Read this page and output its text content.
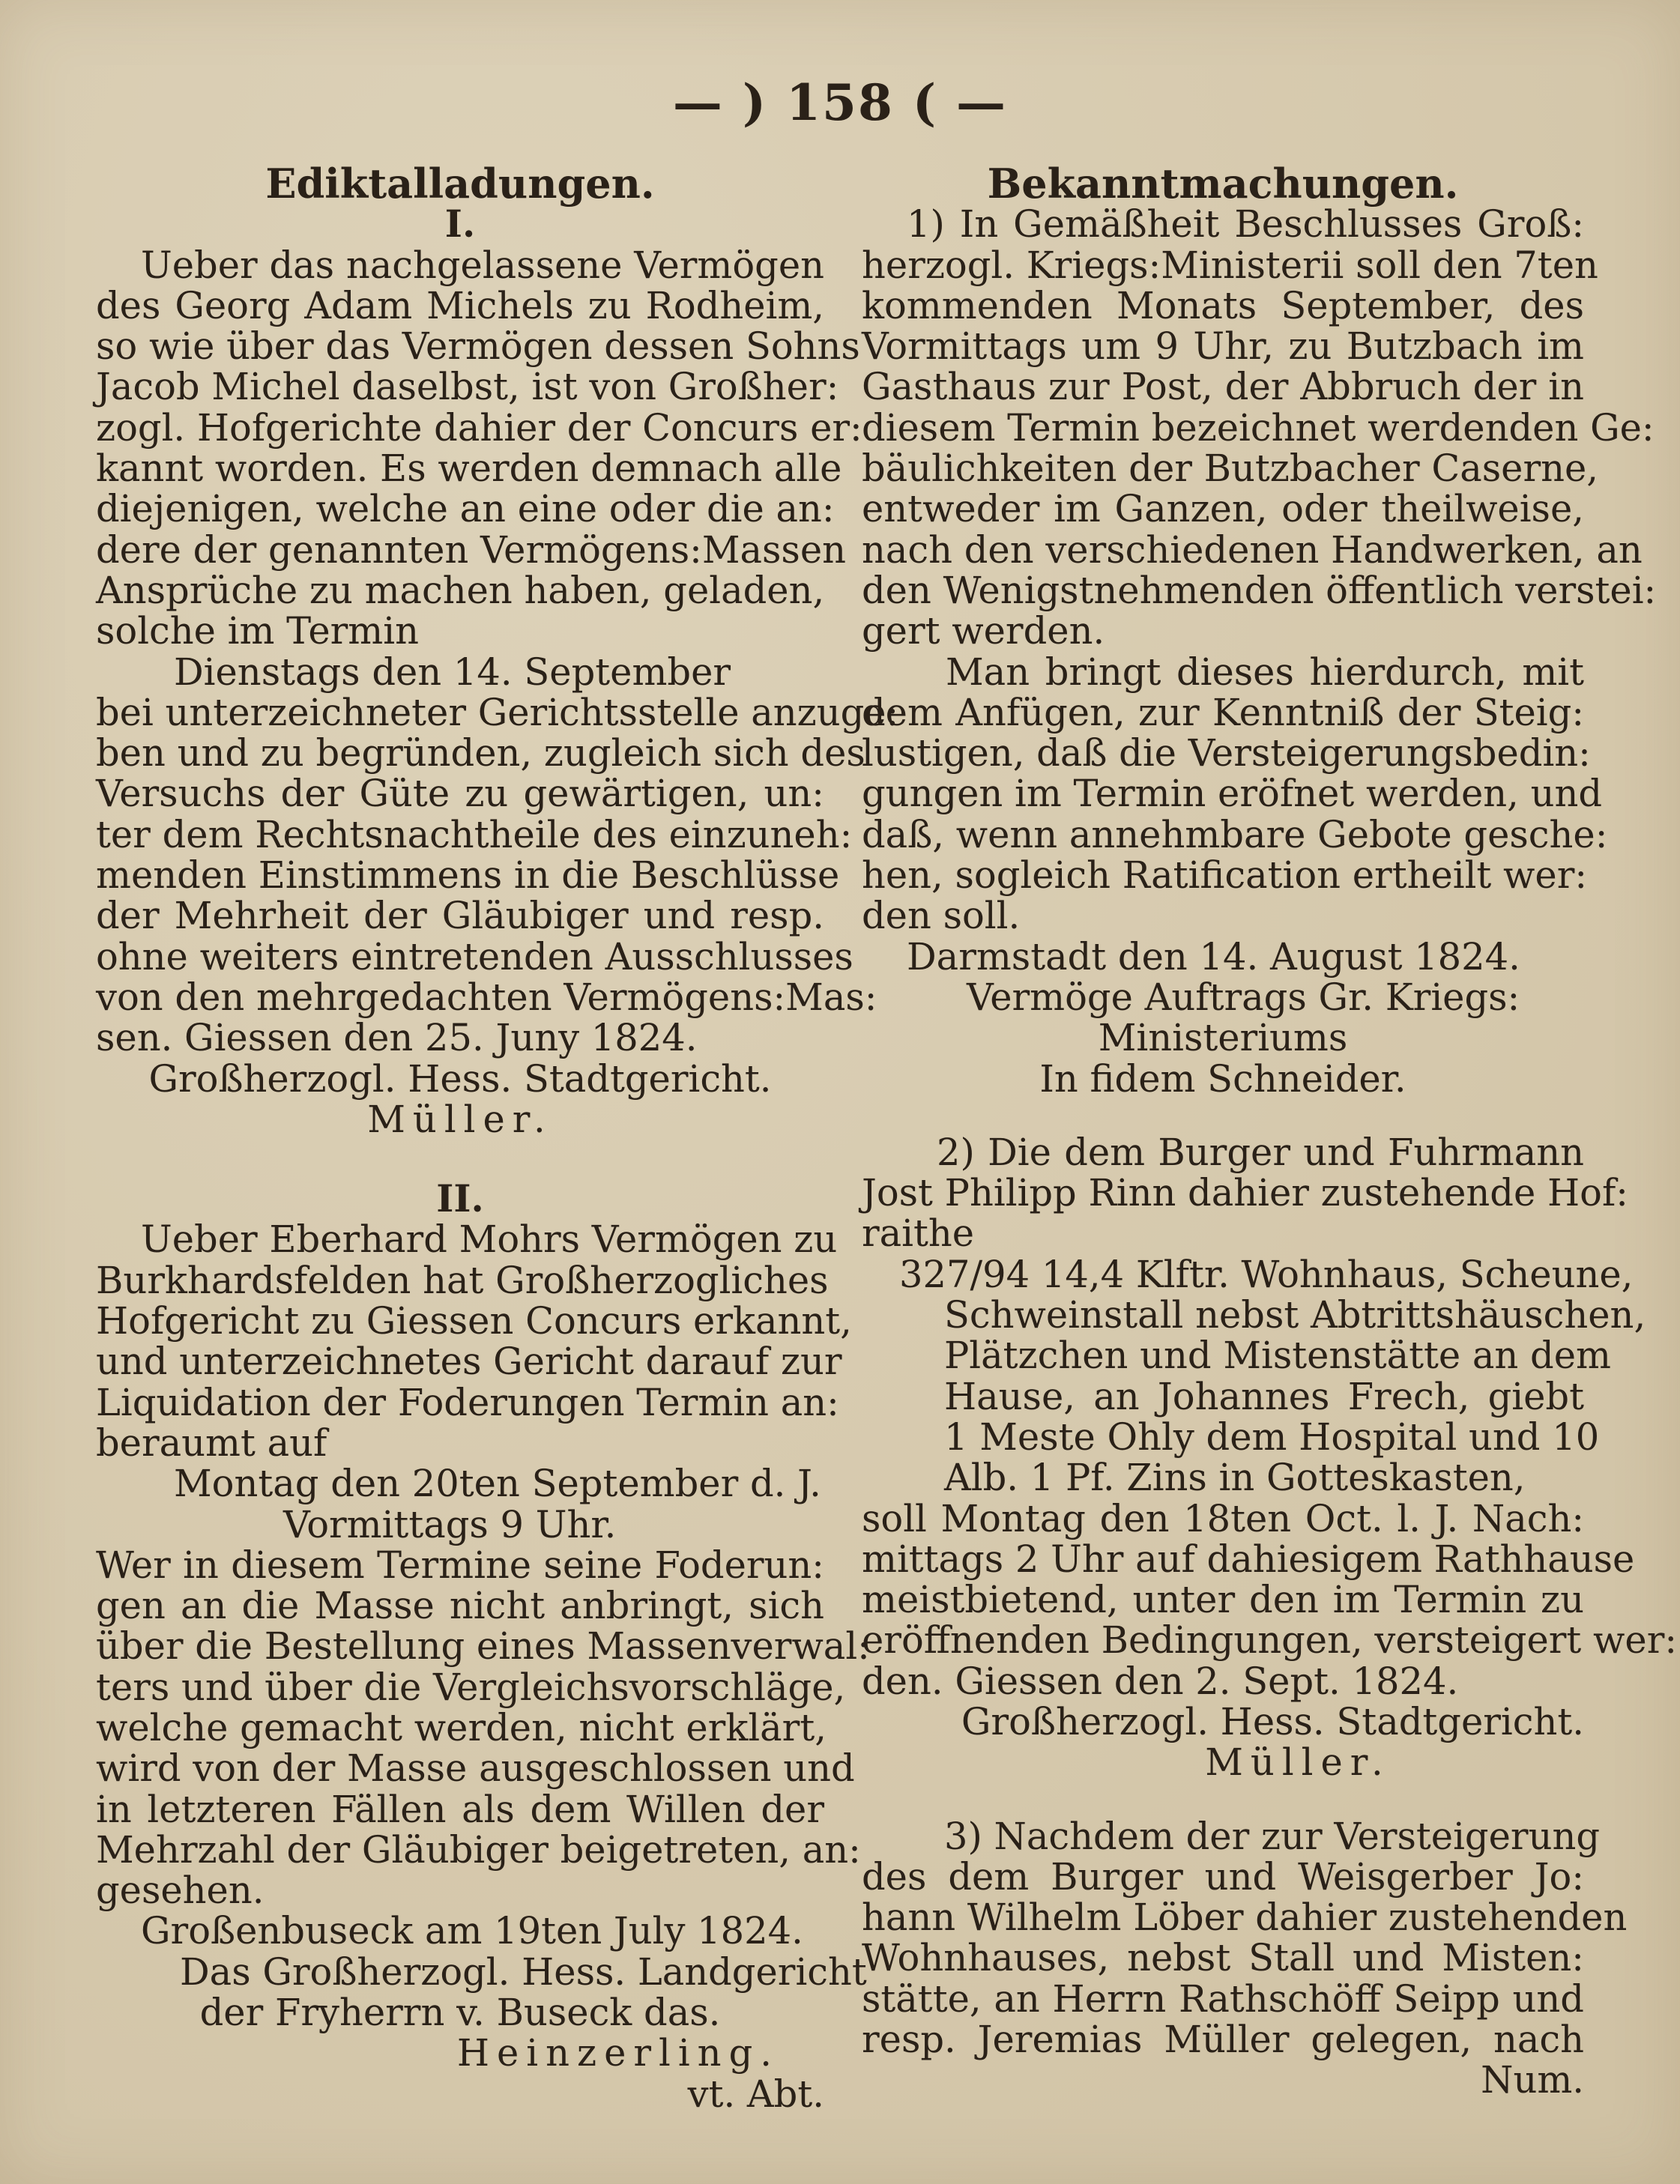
— ) 158 ( —
Ediktalladungen.
I.
Ueber das nachgelassene Vermögen
des Georg Adam Michels zu Rodheim,
so wie über das Vermögen dessen Sohns
Jacob Michel daselbst, ist von Großher:
zogl. Hofgerichte dahier der Concurs er:
kannt worden. Es werden demnach alle
diejenigen, welche an eine oder die an:
dere der genannten Vermögens:Massen
Ansprüche zu machen haben, geladen,
solche im Termin
Dienstags den 14. September
bei unterzeichneter Gerichtsstelle anzuge:
ben und zu begründen, zugleich sich des
Versuchs der Güte zu gewärtigen, un:
ter dem Rechtsnachtheile des einzuneh:
menden Einstimmens in die Beschlüsse
der Mehrheit der Gläubiger und resp.
ohne weiters eintretenden Ausschlusses
von den mehrgedachten Vermögens:Mas:
sen. Giessen den 25. Juny 1824.
Großherzogl. Hess. Stadtgericht.
Müller.
II.
Ueber Eberhard Mohrs Vermögen zu
Burkhardsfelden hat Großherzogliches
Hofgericht zu Giessen Concurs erkannt,
und unterzeichnetes Gericht darauf zur
Liquidation der Foderungen Termin an:
beraumt auf
Montag den 20ten September d. J.
Vormittags 9 Uhr.
Wer in diesem Termine seine Foderun:
gen an die Masse nicht anbringt, sich
über die Bestellung eines Massenverwal:
ters und über die Vergleichsvorschläge,
welche gemacht werden, nicht erklärt,
wird von der Masse ausgeschlossen und
in letzteren Fällen als dem Willen der
Mehrzahl der Gläubiger beigetreten, an:
gesehen.
Großenbuseck am 19ten July 1824.
Das Großherzogl. Hess. Landgericht
der Fryherrn v. Buseck das.
Heinzerling.
vt. Abt.
Bekanntmachungen.
1) In Gemäßheit Beschlusses Groß:
herzogl. Kriegs:Ministerii soll den 7ten
kommenden Monats September, des
Vormittags um 9 Uhr, zu Butzbach im
Gasthaus zur Post, der Abbruch der in
diesem Termin bezeichnet werdenden Ge:
bäulichkeiten der Butzbacher Caserne,
entweder im Ganzen, oder theilweise,
nach den verschiedenen Handwerken, an
den Wenigstnehmenden öffentlich verstei:
gert werden.
Man bringt dieses hierdurch, mit
dem Anfügen, zur Kenntniß der Steig:
lustigen, daß die Versteigerungsbedin:
gungen im Termin eröfnet werden, und
daß, wenn annehmbare Gebote gesche:
hen, sogleich Ratification ertheilt wer:
den soll.
Darmstadt den 14. August 1824.
Vermöge Auftrags Gr. Kriegs:
Ministeriums
In fidem Schneider.
2) Die dem Burger und Fuhrmann
Jost Philipp Rinn dahier zustehende Hof:
raithe
327/94 14,4 Klftr. Wohnhaus, Scheune,
Schweinstall nebst Abtrittshäuschen,
Plätzchen und Mistenstätte an dem
Hause, an Johannes Frech, giebt
1 Meste Ohly dem Hospital und 10
Alb. 1 Pf. Zins in Gotteskasten,
soll Montag den 18ten Oct. l. J. Nach:
mittags 2 Uhr auf dahiesigem Rathhause
meistbietend, unter den im Termin zu
eröffnenden Bedingungen, versteigert wer:
den. Giessen den 2. Sept. 1824.
Großherzogl. Hess. Stadtgericht.
Müller.
3) Nachdem der zur Versteigerung
des dem Burger und Weisgerber Jo:
hann Wilhelm Löber dahier zustehenden
Wohnhauses, nebst Stall und Misten:
stätte, an Herrn Rathschöff Seipp und
resp. Jeremias Müller gelegen, nach
Num.
